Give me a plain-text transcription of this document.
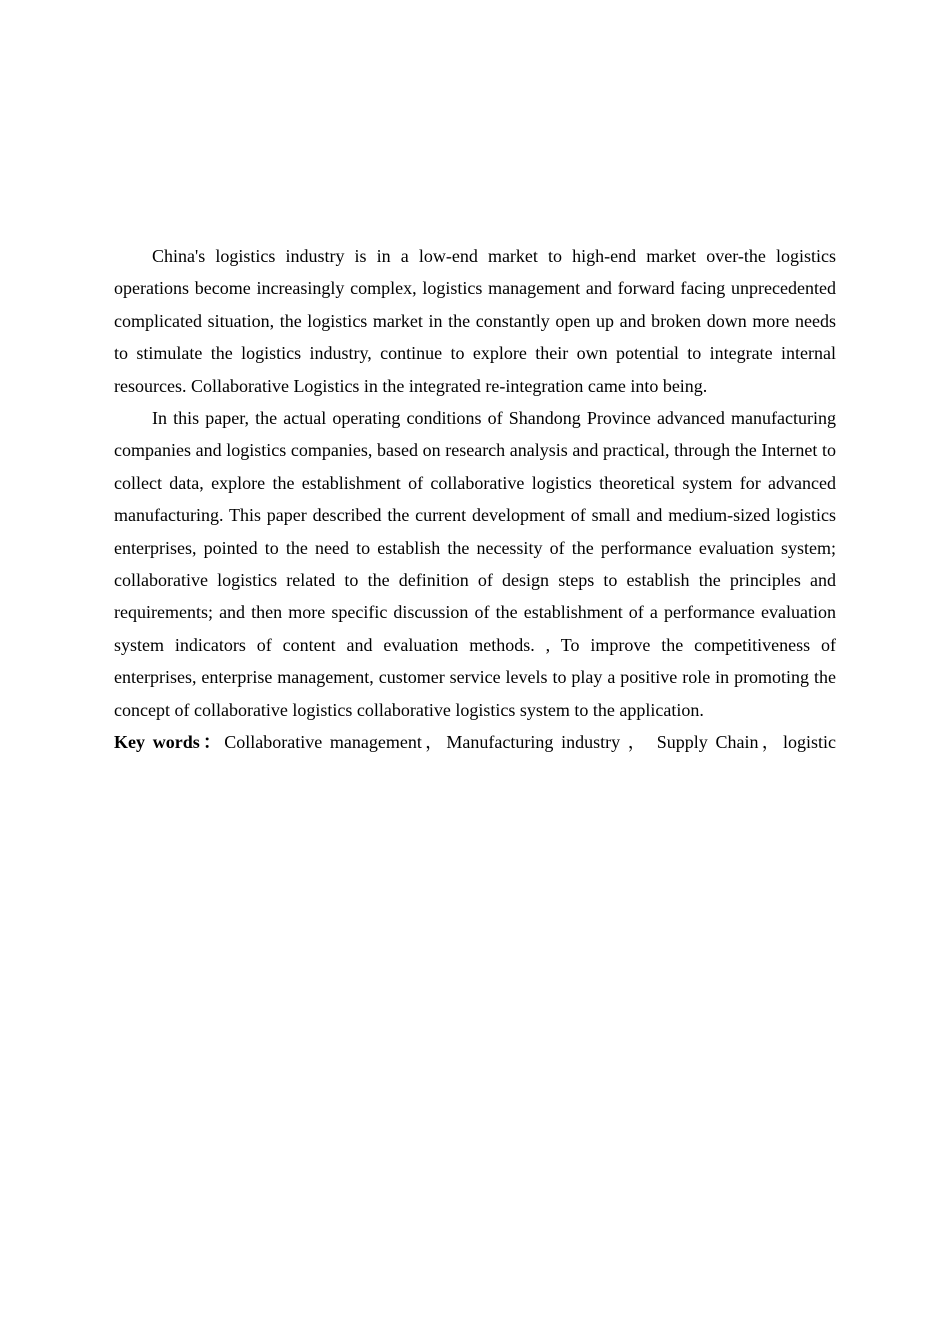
China's logistics industry is in a low-end market to high-end market over-the logistics operations become increasingly complex, logistics management and forward facing unprecedented complicated situation, the logistics market in the constantly open up and broken down more needs to stimulate the logistics industry, continue to explore their own potential to integrate internal resources. Collaborative Logistics in the integrated re-integration came into being.

In this paper, the actual operating conditions of Shandong Province advanced manufacturing companies and logistics companies, based on research analysis and practical, through the Internet to collect data, explore the establishment of collaborative logistics theoretical system for advanced manufacturing. This paper described the current development of small and medium-sized logistics enterprises, pointed to the need to establish the necessity of the performance evaluation system; collaborative logistics related to the definition of design steps to establish the principles and requirements; and then more specific discussion of the establishment of a performance evaluation system indicators of content and evaluation methods. , To improve the competitiveness of enterprises, enterprise management, customer service levels to play a positive role in promoting the concept of collaborative logistics collaborative logistics system to the application.

Key words：Collaborative management，Manufacturing industry ， Supply Chain，logistic
